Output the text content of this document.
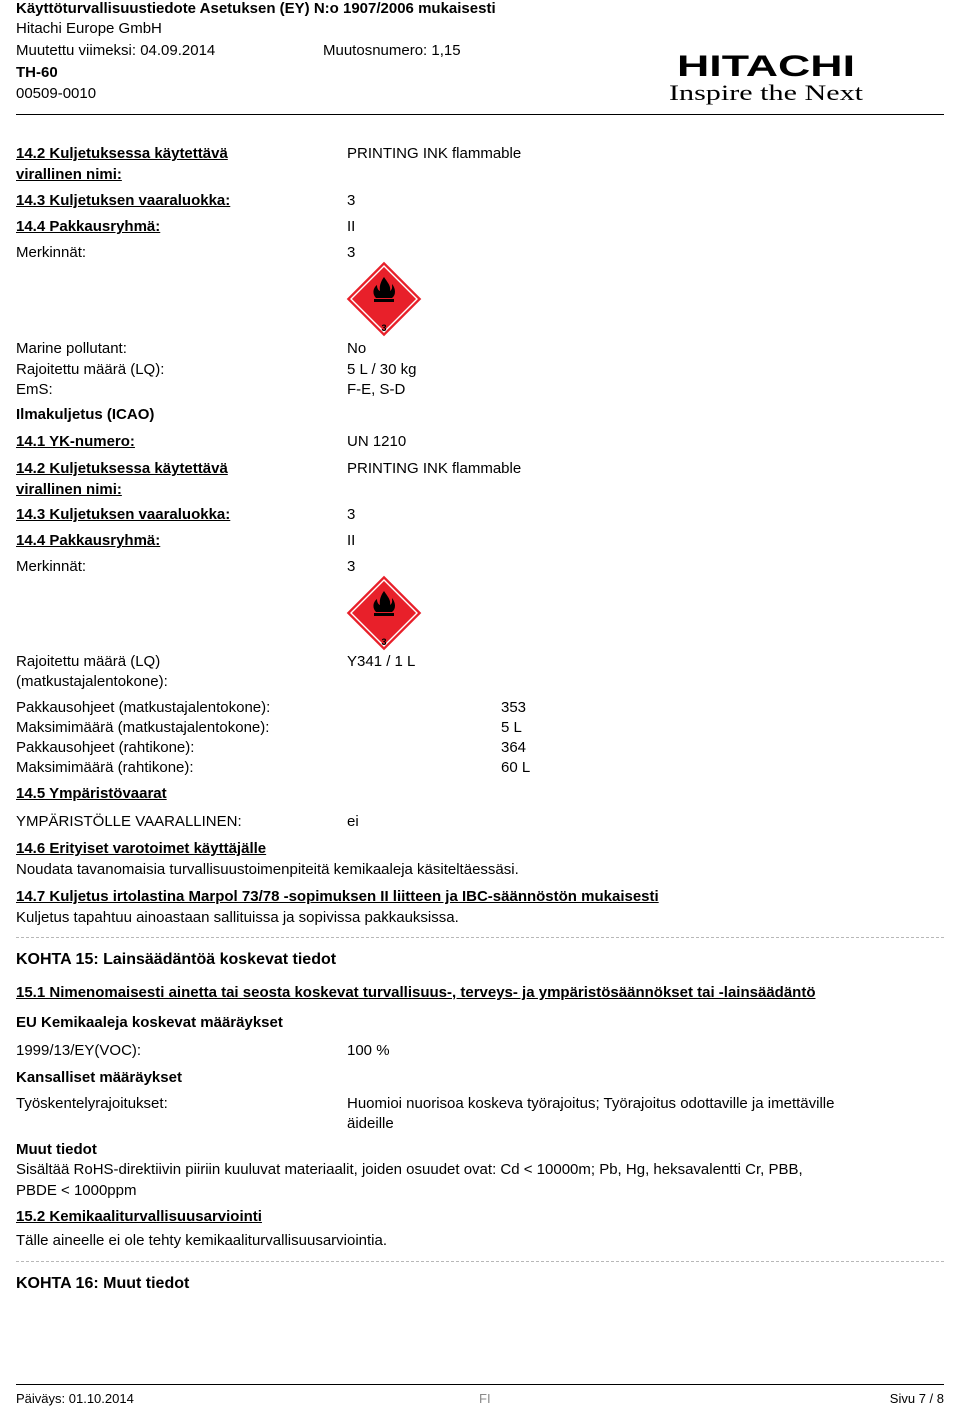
Käyttöturvallisuustiedote Asetuksen (EY) N:o 1907/2006 mukaisesti
Hitachi Europe GmbH
Muutettu viimeksi: 04.09.2014	Muutosnumero: 1,15
TH-60
00509-0010
HITACHI
Inspire the Next
14.2 Kuljetuksessa käytettävä
virallinen nimi:
PRINTING INK flammable
14.3 Kuljetuksen vaaraluokka:	3
14.4 Pakkausryhmä:	II
Merkinnät:	3
3
Marine pollutant:	No
Rajoitettu määrä (LQ):	5 L / 30 kg
EmS:	F-E, S-D
Ilmakuljetus (ICAO)
14.1 YK-numero:	UN 1210
14.2 Kuljetuksessa käytettävä
virallinen nimi:
PRINTING INK flammable
14.3 Kuljetuksen vaaraluokka:	3
14.4 Pakkausryhmä:	II
Merkinnät:	3
3
Rajoitettu määrä (LQ)
(matkustajalentokone):
Y341 / 1 L
Pakkausohjeet (matkustajalentokone):	353
Maksimimäärä (matkustajalentokone):	5 L
Pakkausohjeet (rahtikone):	364
Maksimimäärä (rahtikone):	60 L
14.5 Ympäristövaarat
YMPÄRISTÖLLE VAARALLINEN:	ei
14.6 Erityiset varotoimet käyttäjälle
Noudata tavanomaisia turvallisuustoimenpiteitä kemikaaleja käsiteltäessäsi.
14.7 Kuljetus irtolastina Marpol 73/78 -sopimuksen II liitteen ja IBC-säännöstön mukaisesti
Kuljetus tapahtuu ainoastaan sallituissa ja sopivissa pakkauksissa.
KOHTA 15: Lainsäädäntöä koskevat tiedot
15.1 Nimenomaisesti ainetta tai seosta koskevat turvallisuus-, terveys- ja ympäristösäännökset tai -lainsäädäntö
EU Kemikaaleja koskevat määräykset
1999/13/EY(VOC):	100 %
Kansalliset määräykset
Työskentelyrajoitukset:	Huomioi nuorisoa koskeva työrajoitus; Työrajoitus odottaville ja imettäville
äideille
Muut tiedot
Sisältää RoHS-direktiivin piiriin kuuluvat materiaalit, joiden osuudet ovat: Cd < 10000m; Pb, Hg, heksavalentti Cr, PBB,
PBDE < 1000ppm
15.2 Kemikaaliturvallisuusarviointi
Tälle aineelle ei ole tehty kemikaaliturvallisuusarviointia.
KOHTA 16: Muut tiedot
Päiväys: 01.10.2014	FI	Sivu 7 / 8
